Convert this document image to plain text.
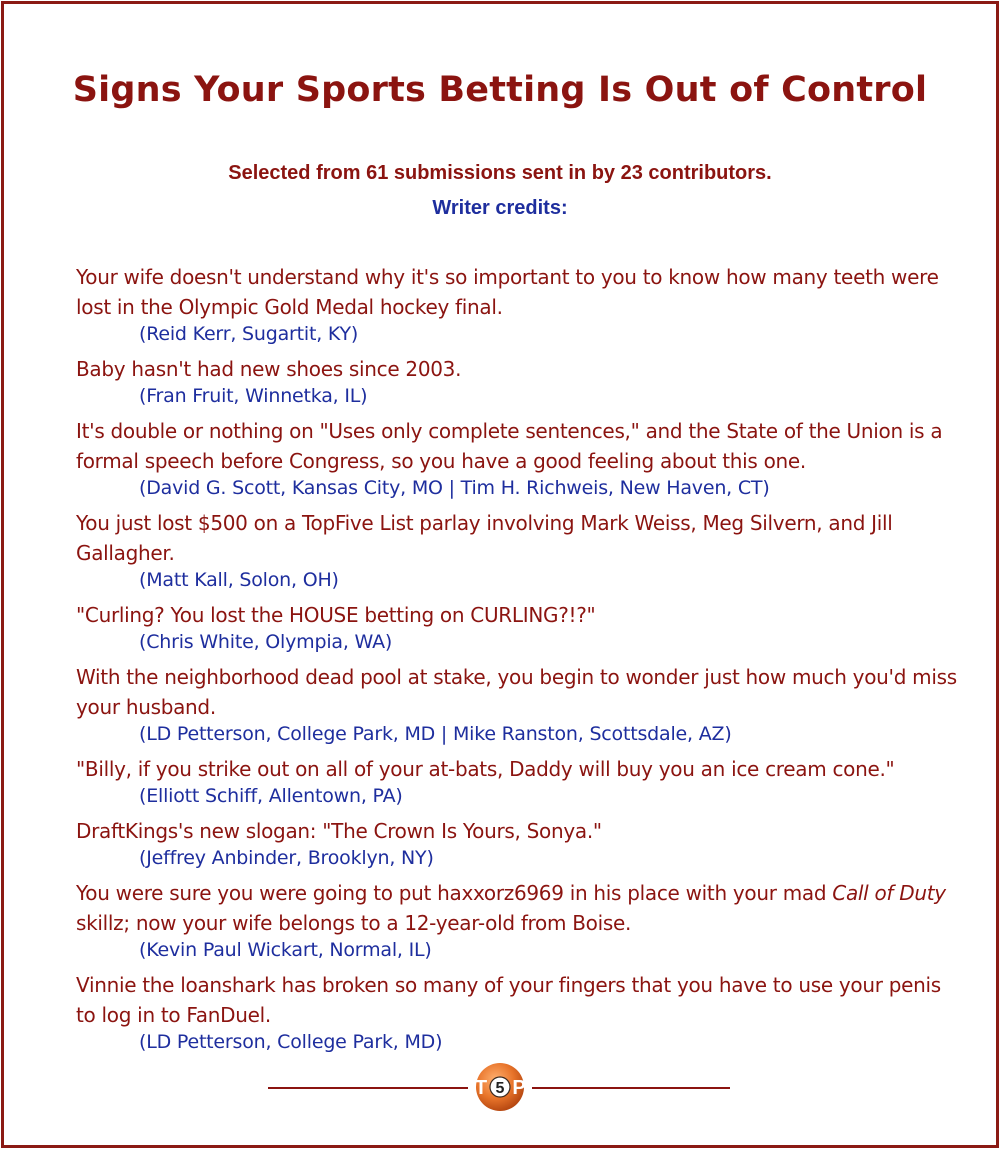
Signs Your Sports Betting Is Out of Control
Selected from 61 submissions sent in by 23 contributors.
Writer credits:
Your wife doesn't understand why it's so important to you to know how many teeth were lost in the Olympic Gold Medal hockey final.
(Reid Kerr, Sugartit, KY)
Baby hasn't had new shoes since 2003.
(Fran Fruit, Winnetka, IL)
It's double or nothing on "Uses only complete sentences," and the State of the Union is a formal speech before Congress, so you have a good feeling about this one.
(David G. Scott, Kansas City, MO | Tim H. Richweis, New Haven, CT)
You just lost $500 on a TopFive List parlay involving Mark Weiss, Meg Silvern, and Jill Gallagher.
(Matt Kall, Solon, OH)
"Curling? You lost the HOUSE betting on CURLING?!?"
(Chris White, Olympia, WA)
With the neighborhood dead pool at stake, you begin to wonder just how much you'd miss your husband.
(LD Petterson, College Park, MD | Mike Ranston, Scottsdale, AZ)
"Billy, if you strike out on all of your at-bats, Daddy will buy you an ice cream cone."
(Elliott Schiff, Allentown, PA)
DraftKings's new slogan: "The Crown Is Yours, Sonya."
(Jeffrey Anbinder, Brooklyn, NY)
You were sure you were going to put haxxorz6969 in his place with your mad Call of Duty skillz; now your wife belongs to a 12-year-old from Boise.
(Kevin Paul Wickart, Normal, IL)
Vinnie the loanshark has broken so many of your fingers that you have to use your penis to log in to FanDuel.
(LD Petterson, College Park, MD)
T 5 P
